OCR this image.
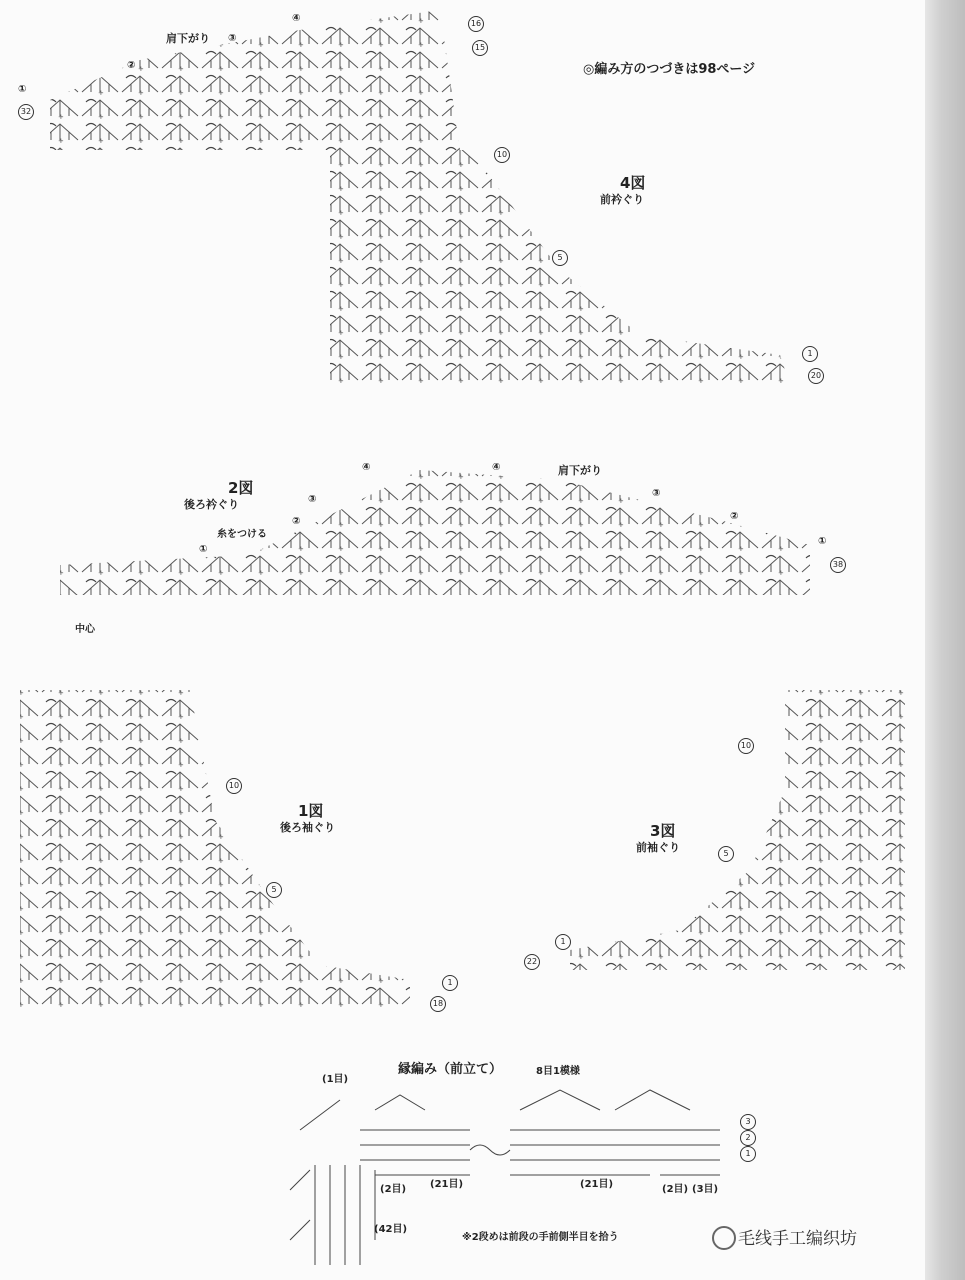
◎編み方のつづきは98ページ
4図
前衿ぐり
肩下がり
④
③
②
①
32
16
15
10
5
1
20
2図
後ろ衿ぐり
肩下がり
糸をつける
中心
④	④
③
③
②	②
①
①
38
1図
後ろ袖ぐり
10
5
1
18
3図
前袖ぐり
10
5
1
22
縁編み（前立て）	8目1模様
(1目)
(2目) (21目)	(21目)	(2目) (3目)
(42目)
3
2
1
※2段めは前段の手前側半目を拾う	毛线手工编织坊
